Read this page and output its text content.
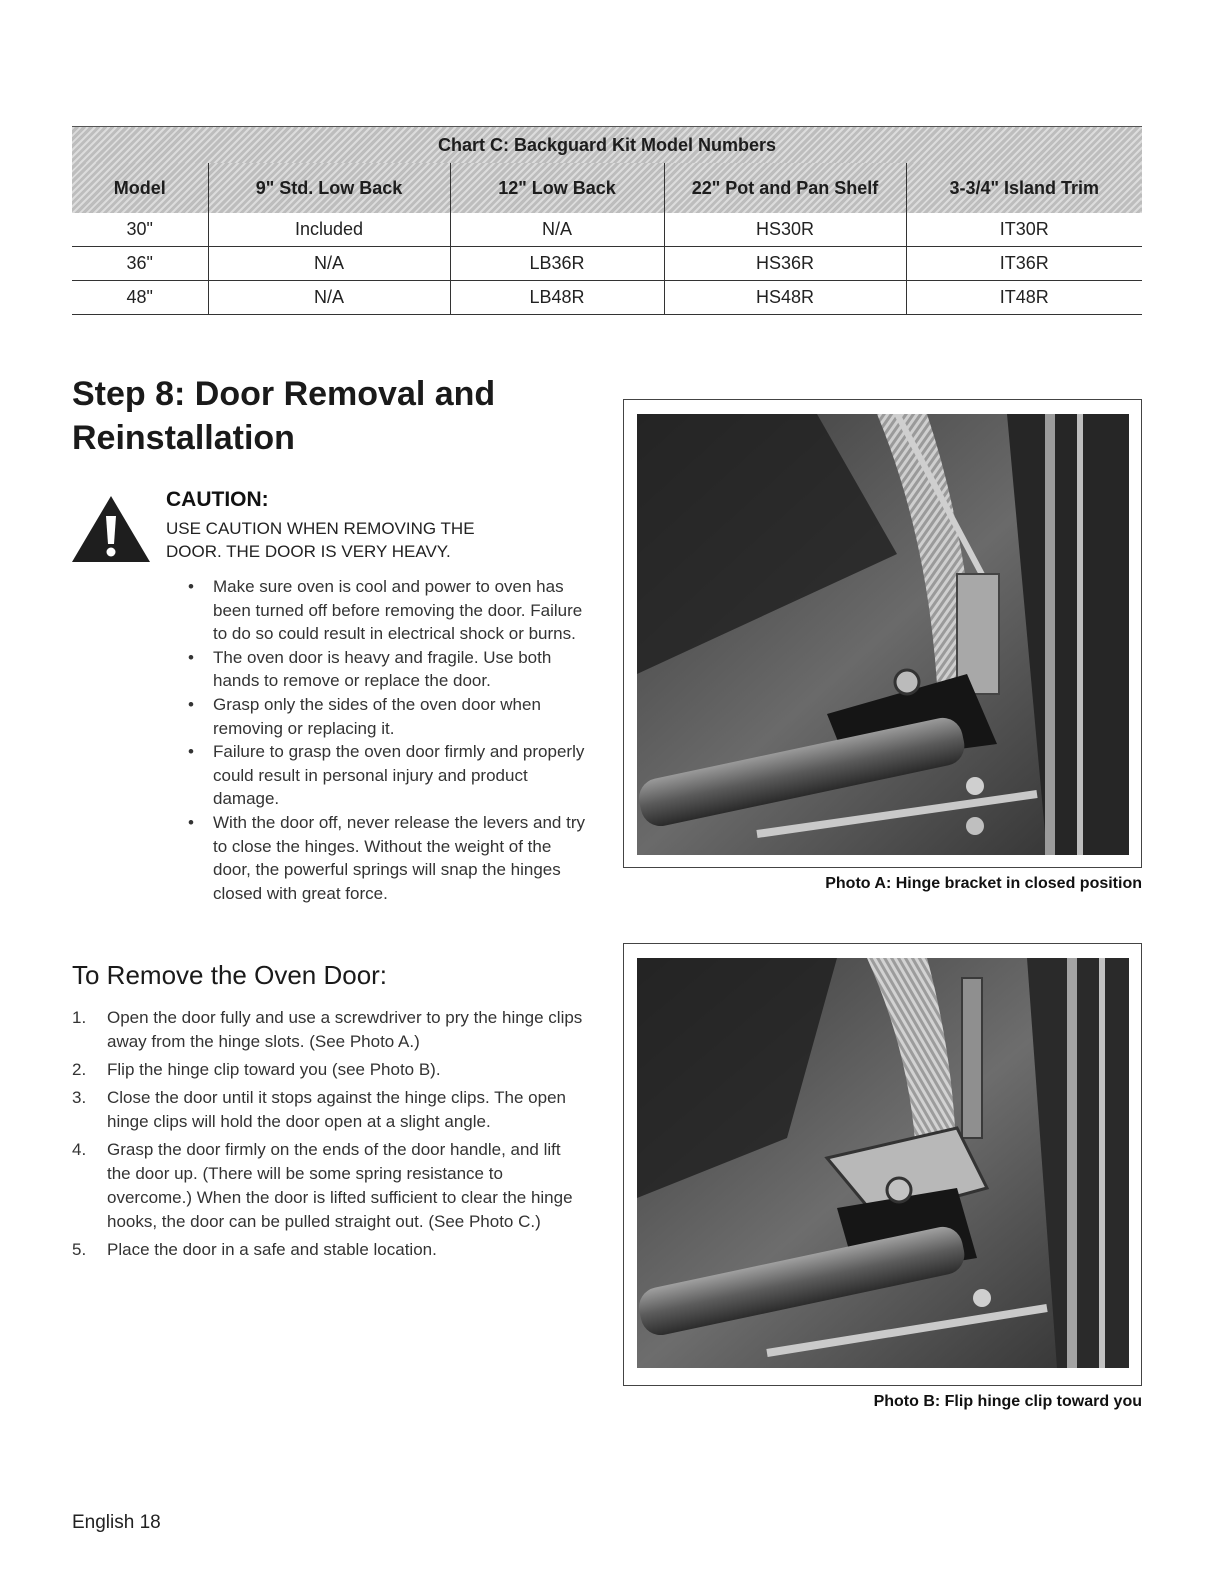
Chart C: Backguard Kit Model Numbers				
Model	9" Std. Low Back	12" Low Back	22" Pot and Pan Shelf	3-3/4" Island Trim
30"	Included	N/A	HS30R	IT30R
36"	N/A	LB36R	HS36R	IT36R
48"	N/A	LB48R	HS48R	IT48R
Step 8: Door Removal and
Reinstallation
CAUTION:

USE CAUTION WHEN REMOVING THE
DOOR. THE DOOR IS VERY HEAVY.

• Make sure oven is cool and power to oven has been turned off before removing the door. Failure to do so could result in electrical shock or burns.
• The oven door is heavy and fragile. Use both hands to remove or replace the door.
• Grasp only the sides of the oven door when removing or replacing it.
• Failure to grasp the oven door firmly and properly could result in personal injury and product damage.
• With the door off, never release the levers and try to close the hinges. Without the weight of the door, the powerful springs will snap the hinges closed with great force.
To Remove the Oven Door:
1. Open the door fully and use a screwdriver to pry the hinge clips away from the hinge slots. (See Photo A.)
2. Flip the hinge clip toward you (see Photo B).
3. Close the door until it stops against the hinge clips. The open hinge clips will hold the door open at a slight angle.
4. Grasp the door firmly on the ends of the door handle, and lift the door up. (There will be some spring resistance to overcome.) When the door is lifted sufficient to clear the hinge hooks, the door can be pulled straight out. (See Photo C.)
5. Place the door in a safe and stable location.
Photo A: Hinge bracket in closed position
Photo B: Flip hinge clip toward you
English 18
